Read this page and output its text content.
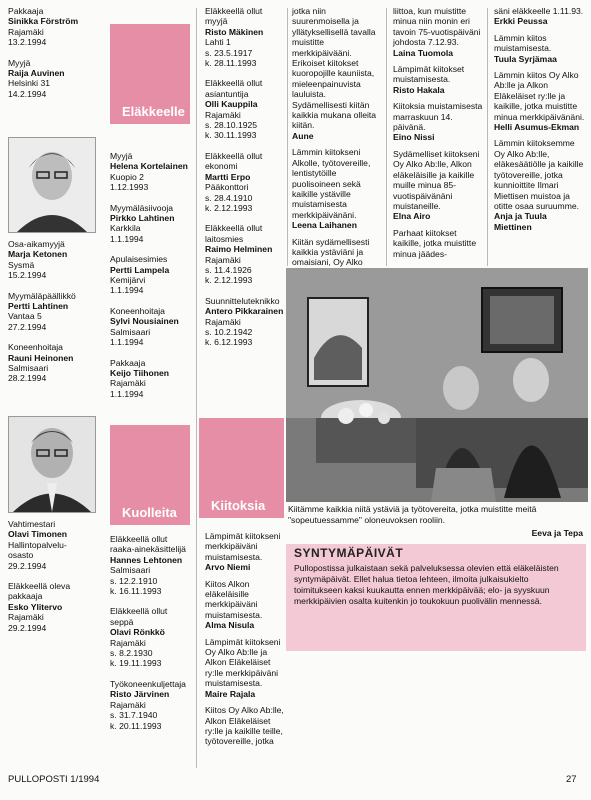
Pakkaaja
Sinikka Förström
Rajamäki
13.2.1994
Myyjä
Raija Auvinen
Helsinki 31
14.2.1994
Osa-aikamyyjä
Marja Ketonen
Sysmä
15.2.1994
Myymäläpäällikkö
Pertti Lahtinen
Vantaa 5
27.2.1994
Koneenhoitaja
Rauni Heinonen
Salmisaari
28.2.1994
Vahtimestari
Olavi Timonen
Hallintopalvelu-
osasto
29.2.1994
Eläkkeellä oleva
pakkaaja
Esko Yliterv​o
Rajamäki
29.2.1994
Eläkkeelle
Kuolleita	Kiitoksia
Myyjä
Helena Kortelainen
Kuopio 2
1.12.1993
Myymäläsiivooja
Pirkko Lahtinen
Karkkila
1.1.1994
Apulaisesimies
Pertti Lampela
Kemijärvi
1.1.1994
Koneenhoitaja
Sylvi Nousiainen
Salmisaari
1.1.1994
Pakkaaja
Keijo Tiihonen
Rajamäki
1.1.1994
Eläkkeellä ollut
raaka-ainekäsittelijä
Hannes Lehtonen
Salmisaari
s. 12.2.1910
k. 16.11.1993
Eläkkeellä ollut
seppä
Olavi Rönkkö
Rajamäki
s. 8.2.1930
k. 19.11.1993
Työkoneenkuljettaja
Risto Järvinen
Rajamäki
s. 31.7.1940
k. 20.11.1993
Eläkkeellä ollut
myyjä
Risto Mäkinen
Lahti 1
s. 23.5.1917
k. 28.11.1993
Eläkkeellä ollut
asiantuntija
Olli Kauppila
Rajamäki
s. 28.10.1925
k. 30.11.1993
Eläkkeellä ollut
ekonomi
Martti Erpo
Pääkonttori
s. 28.4.1910
k. 2.12.1993
Eläkkeellä ollut
laitosmies
Raimo Helminen
Rajamäki
s. 11.4.1926
k. 2.12.1993
Suunnitteluteknikko
Antero Pikkarainen
Rajamäki
s. 10.2.1942
k. 6.12.1993
Lämpimät kiitokseni merkkipäiväni muistamisesta.
Arvo Niemi
Kiitos Alkon eläkeläisille merkkipäiväni muistamisesta.
Alma Nisula
Lämpimät kiitokseni Oy Alko Ab:lle ja Alkon Eläkeläiset ry:lle merkkipäiväni muistamisesta.
Maire Rajala
Kiitos Oy Alko Ab:lle, Alkon Eläkeläiset ry:lle ja kaikille teille, työtovereille, jotka
jotka niin suurenmoisella ja yllätyksellisellä tavalla muistitte merkkipäivääni. Erikoiset kiitokset kuoropojille kauniista, mieleenpainuvista lauluista. Sydämellisesti kiitän kaikkia mukana olleita kiitän.
Aune
Lämmin kiitokseni Alkolle, työtovereille, lentistytöille puolisoineen sekä kaikille ystäville muistamisesta merkkipäivänäni.
Leena Laihanen
Kiitän sydämellisesti kaikkia ystäviäni ja omaisiani, Oy Alko
liittoa, kun muistitte minua niin monin eri tavoin 75-vuotispäiväni johdosta 7.12.93.
Laina Tuomola
Lämpimät kiitokset muistamisesta.
Risto Hakala
Kiitoksia muistamisesta marraskuun 14. päivänä.
Eino Nissi
Sydämelliset kiitokseni Oy Alko Ab:lle, Alkon eläkeläisille ja kaikille muille minua 85-vuotispäivänäni muistaneille.
Elna Airo
Parhaat kiitokset kaikille, jotka muistitte minua jäädes-
säni eläkkeelle 1.11.93.
Erkki Peussa
Lämmin kiitos muistamisesta.
Tuula Syrjämaa
Lämmin kiitos Oy Alko Ab:lle ja Alkon Eläkeläiset ry:lle ja kaikille, jotka muistitte minua merkkipäivänäni.
Helli Asumus-Ekman
Lämmin kiitoksemme Oy Alko Ab:lle, eläkesäätiölle ja kaikille työtovereille, jotka kunnioittite Ilmari Miettisen muistoa ja otitte osaa suruumme.
Anja ja Tuula Miettinen
Kiitämme kaikkia niitä ystäviä ja työtovereita, jotka muistitte meitä "sopeutuessamme" oloneuvoksen rooliin.
Eeva ja Tepa
SYNTYMÄPÄIVÄT
Pullopostissa julkaistaan sekä palveluksessa olevien että eläkeläisten syntymäpäivät. Ellet halua tietoa lehteen, ilmoita julkaisukielto toimitukseen kaksi kuukautta ennen merkkipäivää; elo- ja syyskuun merkkipäivien osalta kuitenkin jo toukokuun puolivälin mennessä.
PULLOPOSTI 1/1994	27
